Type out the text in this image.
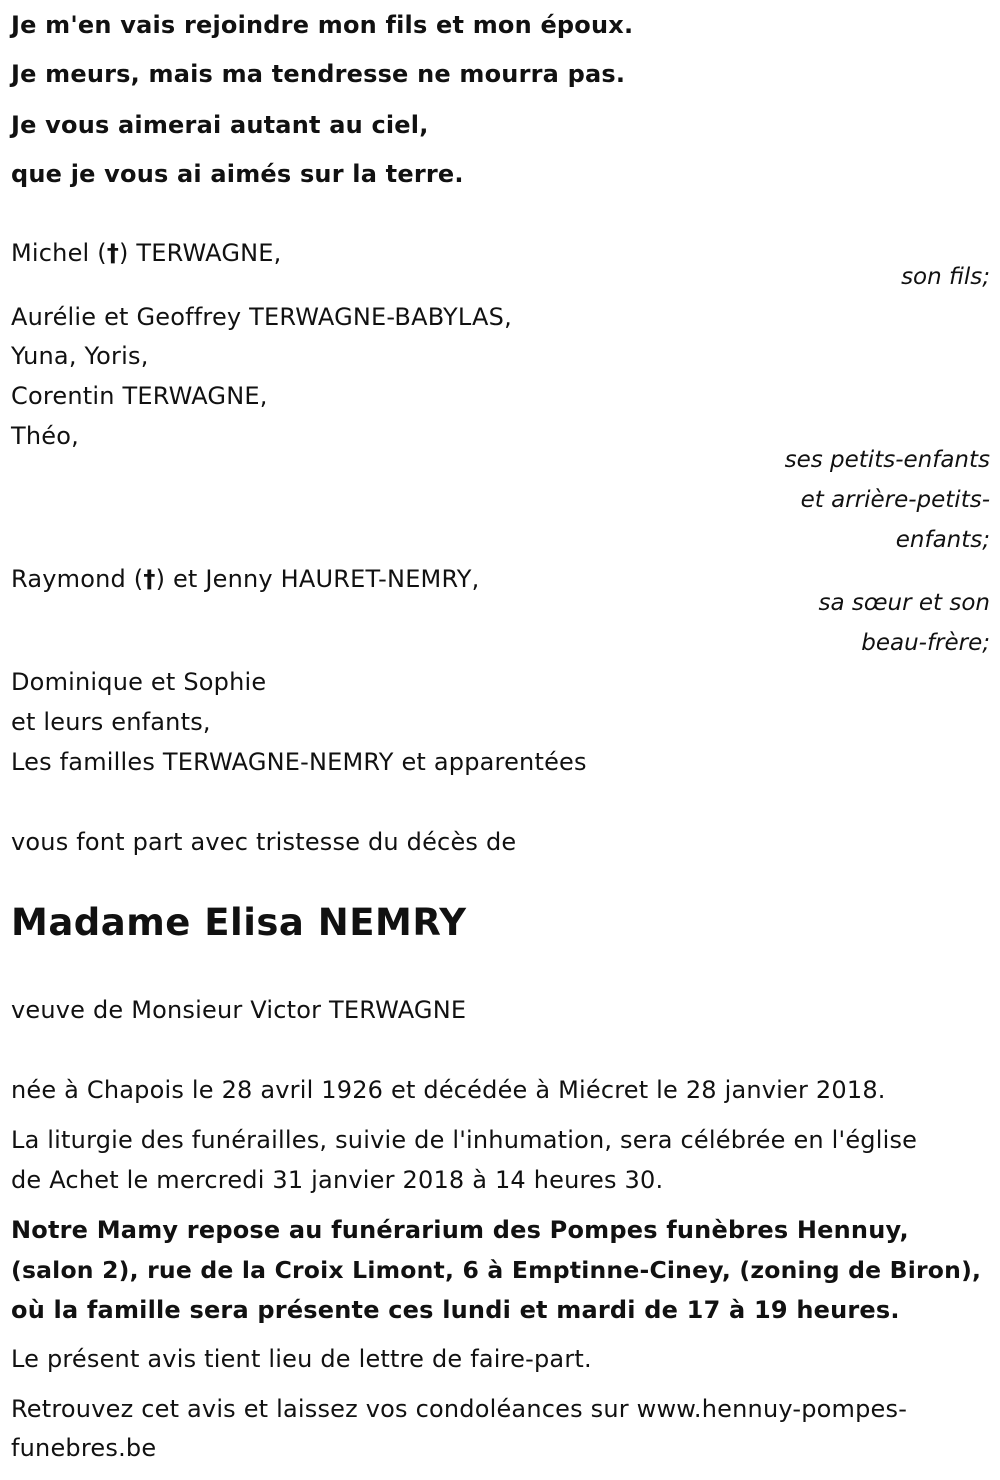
Je m'en vais rejoindre mon fils et mon époux.
Je meurs, mais ma tendresse ne mourra pas.
Je vous aimerai autant au ciel,
que je vous ai aimés sur la terre.
Michel (†) TERWAGNE,
son fils;
Aurélie et Geoffrey TERWAGNE-BABYLAS,
Yuna, Yoris,
Corentin TERWAGNE,
Théo,
ses petits-enfants
et arrière-petits-
enfants;
Raymond (†) et Jenny HAURET-NEMRY,
sa sœur et son
beau-frère;
Dominique et Sophie
et leurs enfants,
Les familles TERWAGNE-NEMRY et apparentées
vous font part avec tristesse du décès de
Madame Elisa NEMRY
veuve de Monsieur Victor TERWAGNE
née à Chapois le 28 avril 1926 et décédée à Miécret le 28 janvier 2018.
La liturgie des funérailles, suivie de l'inhumation, sera célébrée en l'église
de Achet le mercredi 31 janvier 2018 à 14 heures 30.
Notre Mamy repose au funérarium des Pompes funèbres Hennuy,
(salon 2), rue de la Croix Limont, 6 à Emptinne-Ciney, (zoning de Biron),
où la famille sera présente ces lundi et mardi de 17 à 19 heures.
Le présent avis tient lieu de lettre de faire-part.
Retrouvez cet avis et laissez vos condoléances sur www.hennuy-pompes-
funebres.be
